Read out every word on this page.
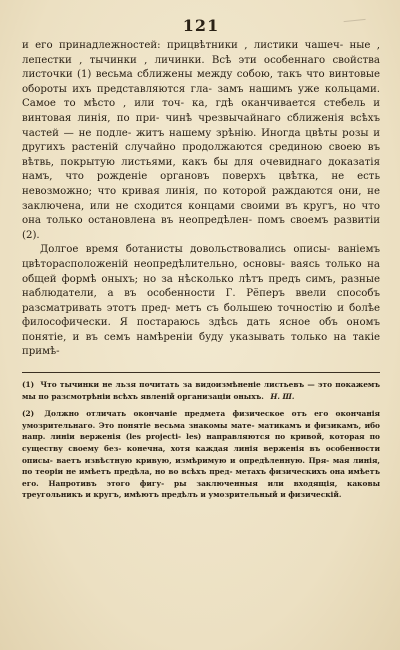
121

и его принадлежностей: прицвѣтники , листики чашеч- ные , лепестки , тычинки , личинки. Всѣ эти особеннаго свойства листочки (1) весьма сближены между собою, такъ что винтовые обороты ихъ представляются гла- замъ нашимъ уже кольцами. Самое то мѣсто , или точ- ка, гдѣ оканчивается стебель и винтовая линія, по при- чинѣ чрезвычайнаго сближенія всѣхъ частей — не подле- житъ нашему зрѣнію. Иногда цвѣты розы и другихъ растеній случайно продолжаются срединою своею въ вѣтвь, покрытую листьями, какъ бы для очевиднаго доказатія намъ, что рожденіе органовъ поверхъ цвѣтка, не есть невозможно; что кривая линія, по которой раждаются они, не заключена, или не сходится концами своими въ кругъ, но что она только остановлена въ неопредѣлен- помъ своемъ развитіи (2).

Долгое время ботанисты довольствовались описы- ваніемъ цвѣторасположеній неопредѣлительно, основы- ваясь только на общей формѣ оныхъ; но за нѣсколько лѣтъ предъ симъ, разные наблюдатели, а въ особенности Г. Рёперъ ввели способъ разсматривать этотъ пред- метъ съ большею точностію и болѣе философически. Я постараюсь здѣсь дать ясное объ ономъ понятіе, и въ семъ намѣреніи буду указывать только на такіе примѣ-

(1) Что тычинки не льзя почитать за видоизмѣненіе листьевъ — это покажемъ мы по разсмотрѣніи всѣхъ явленій организаціи оныхъ. Н. Ш.

(2) Должно отличать окончаніе предмета физическое отъ его окончанія умозрительнаго. Это понятіе весьма знакомы мате- матикамъ и физикамъ, ибо напр. линіи верженія (les projecti- les) направляются по кривой, которая по существу своему без- конечна, хотя каждая линія верженія въ особенности описы- ваетъ извѣстную кривую, измѣримую и опредѣленную. Пря- мая линія, по теоріи не имѣетъ предѣла, но во всѣхъ пред- метахъ физическихъ она имѣетъ его. Напротивъ этого фигу- ры заключенныя или входящія, каковы треугольникъ и кругъ, имѣютъ предѣлъ и умозрительный и физическій.
